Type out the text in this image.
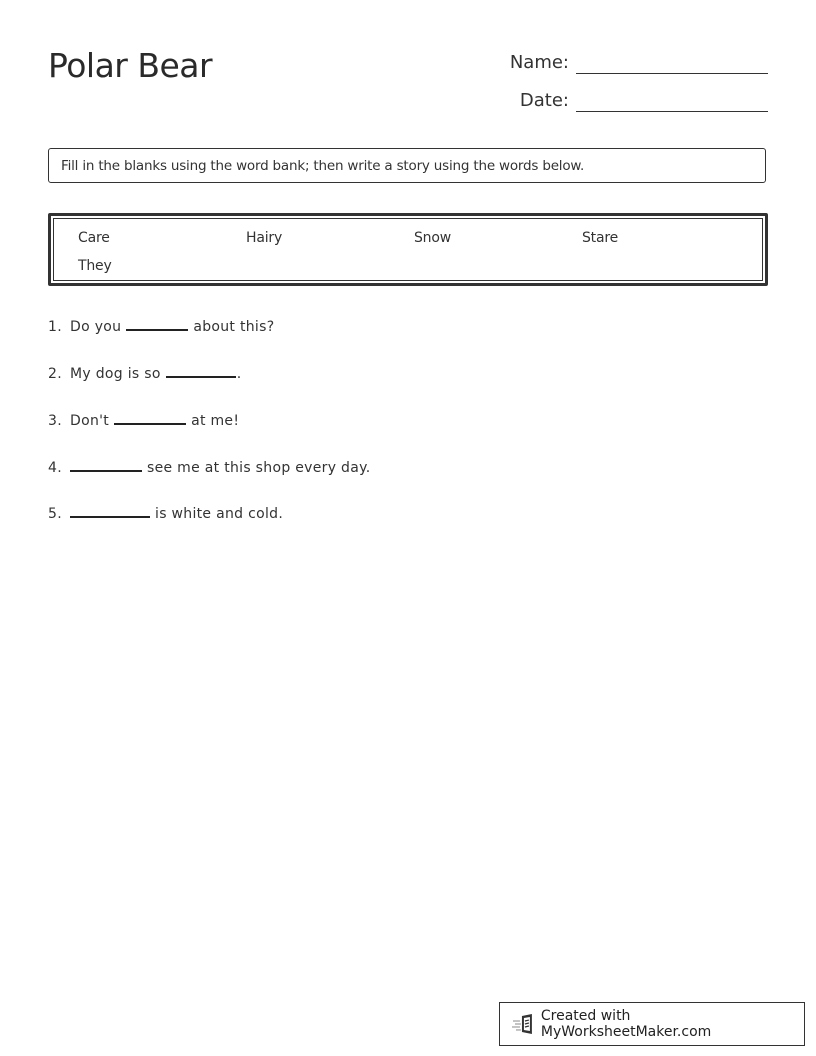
Polar Bear	Name:
Date:
Fill in the blanks using the word bank; then write a story using the words below.
Care	Hairy	Snow	Stare
They
1. Do you	about this?
2. My dog is so	.
3. Don't	at me!
4.	see me at this shop every day.
5.	is white and cold.
Created with MyWorksheetMaker.com
